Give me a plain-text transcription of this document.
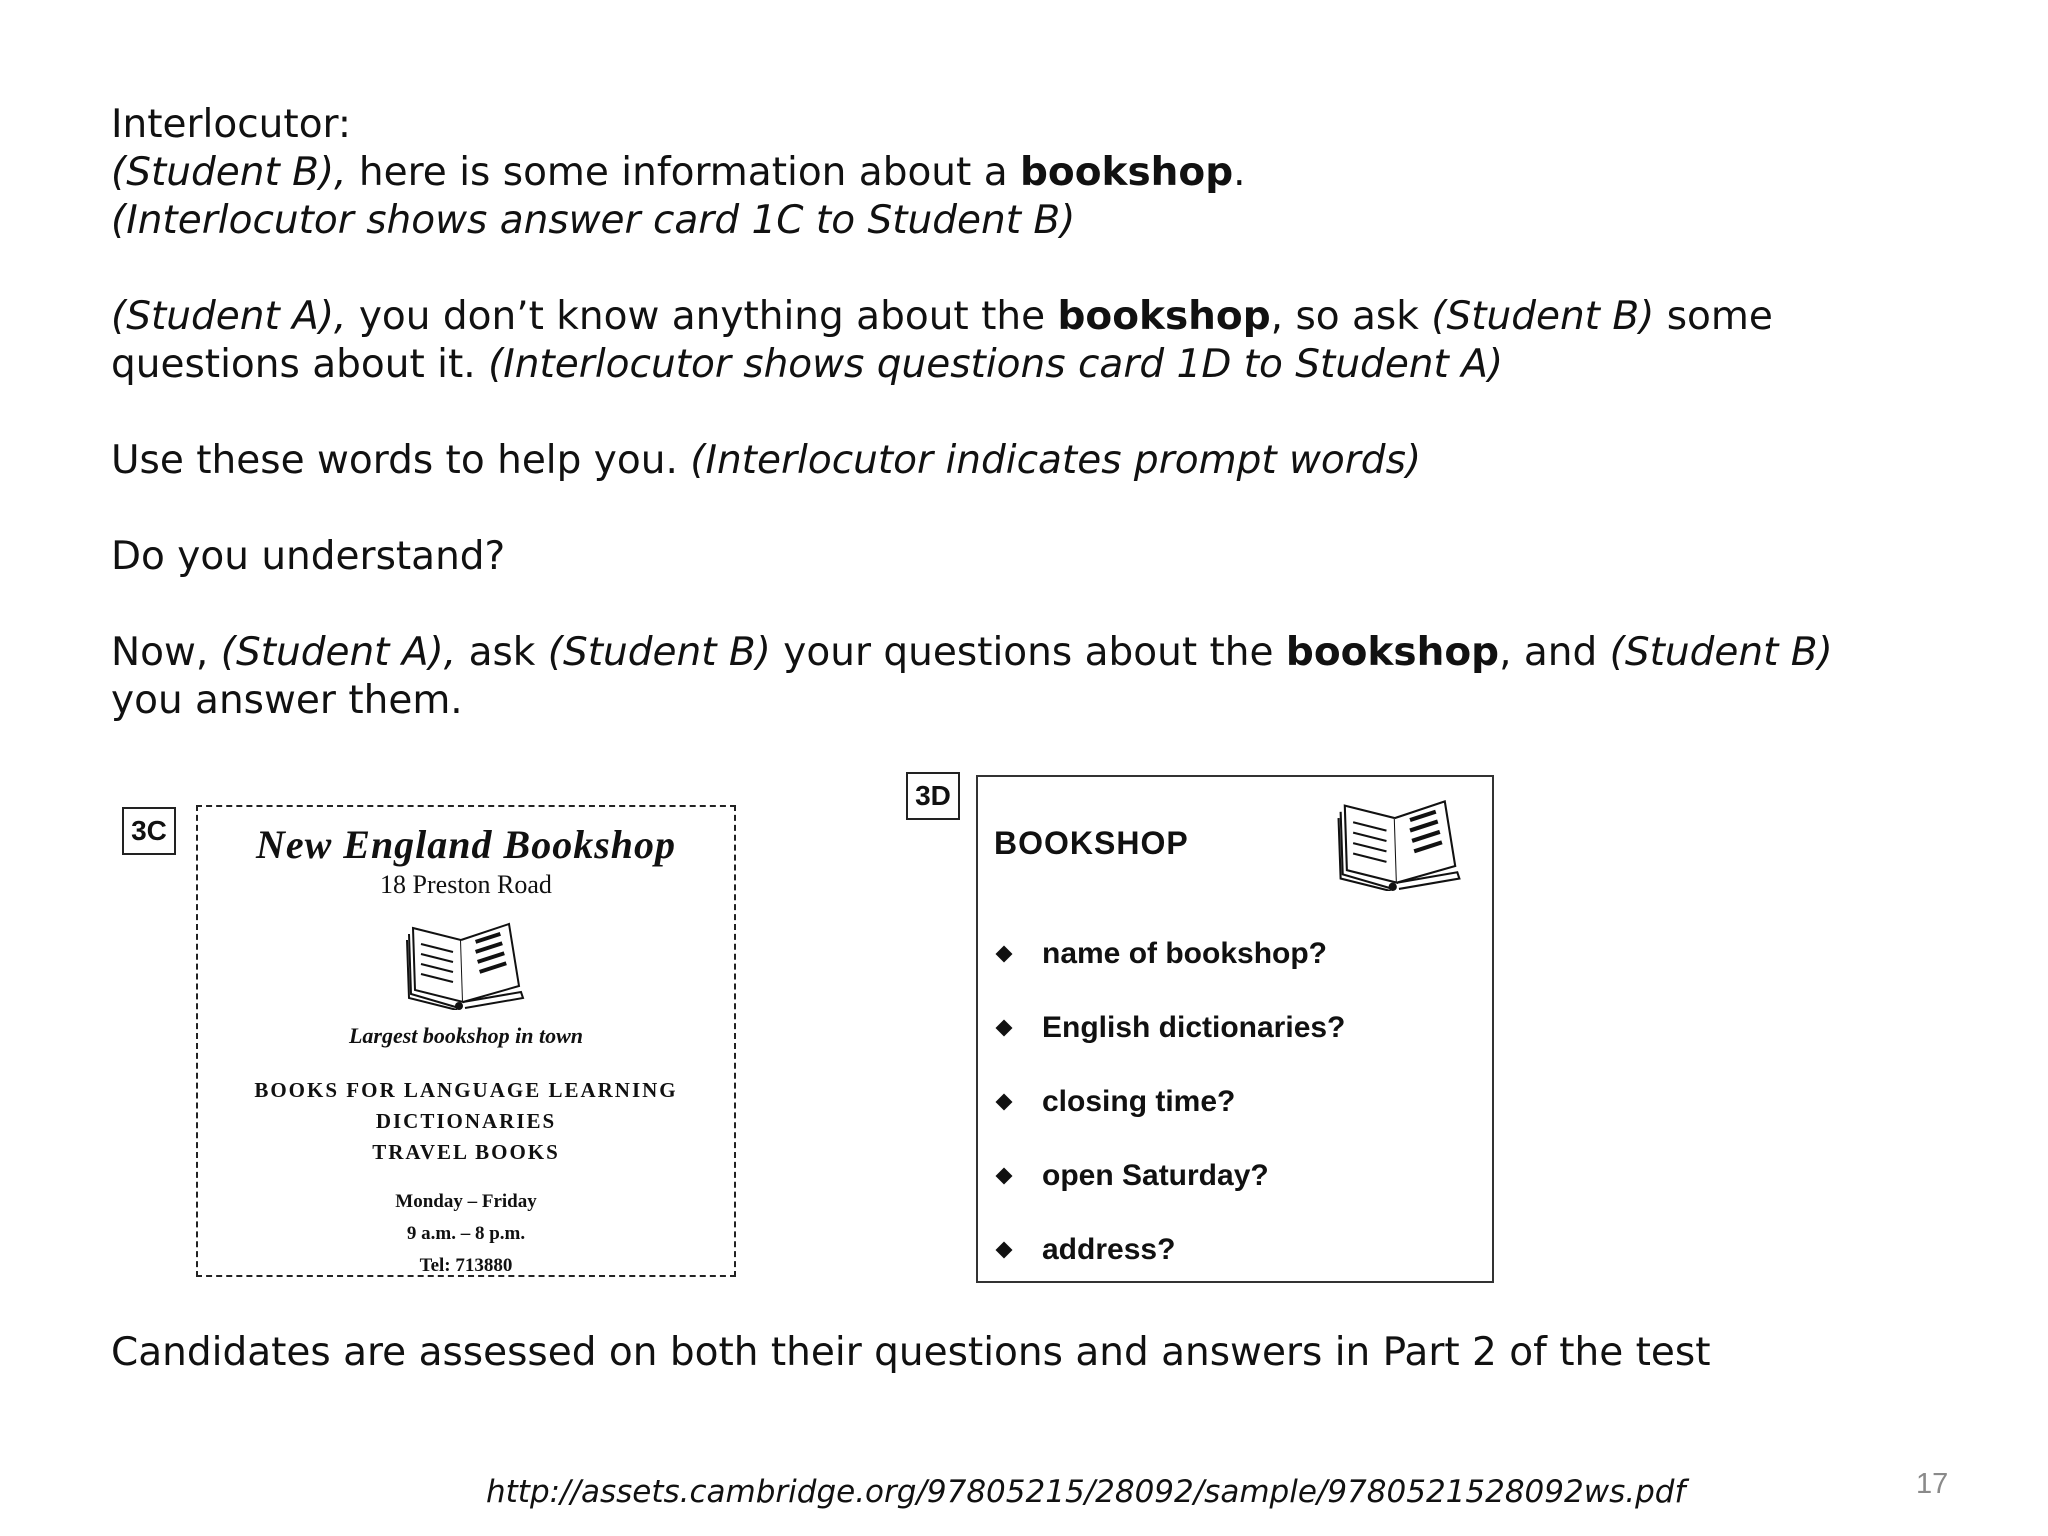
Interlocutor:
(Student B), here is some information about a bookshop.
(Interlocutor shows answer card 1C to Student B)

(Student A), you don’t know anything about the bookshop, so ask (Student B) some
questions about it. (Interlocutor shows questions card 1D to Student A)

Use these words to help you. (Interlocutor indicates prompt words)

Do you understand?

Now, (Student A), ask (Student B) your questions about the bookshop, and (Student B)
you answer them.

3C	New England Bookshop
18 Preston Road
Largest bookshop in town
BOOKS FOR LANGUAGE LEARNING
DICTIONARIES
TRAVEL BOOKS
Monday – Friday
9 a.m. – 8 p.m.
Tel: 713880
3D
BOOKSHOP
name of bookshop?
English dictionaries?
closing time?
open Saturday?
address?
Candidates are assessed on both their questions and answers in Part 2 of the test
http://assets.cambridge.org/97805215/28092/sample/9780521528092ws.pdf	17
